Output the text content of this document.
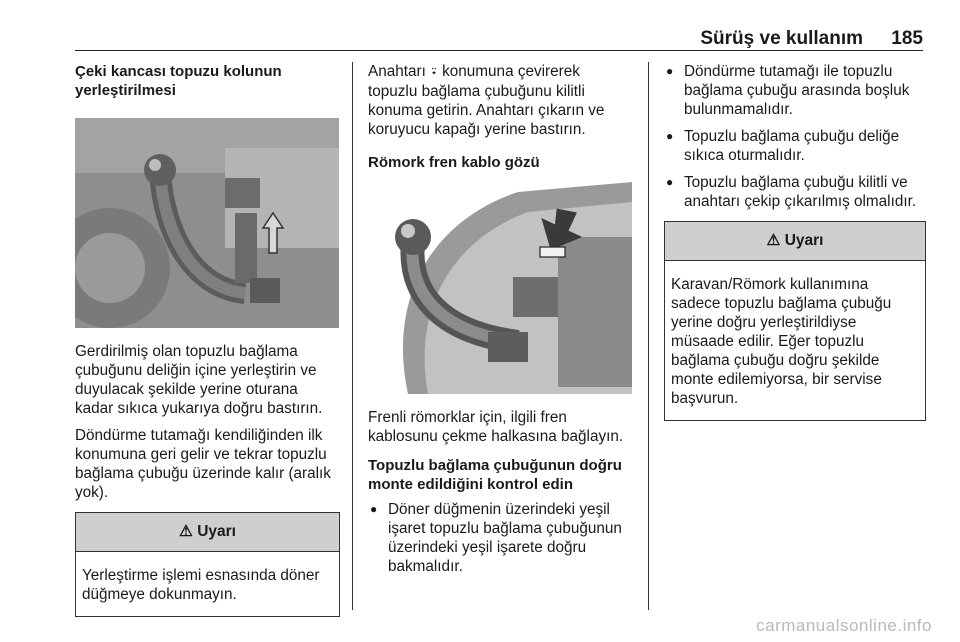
Sürüş ve kullanım 185
Çeki kancası topuzu kolunun yerleştirilmesi

Gerdirilmiş olan topuzlu bağlama çubuğunu deliğin içine yerleştirin ve duyulacak şekilde yerine oturana kadar sıkıca yukarıya doğru bastırın.

Döndürme tutamağı kendiliğinden ilk konumuna geri gelir ve tekrar topuzlu bağlama çubuğu üzerinde kalır (aralık yok).

⚠ Uyarı
Yerleştirme işlemi esnasında döner düğmeye dokunmayın.

Anahtarı ⍣ konumuna çevirerek topuzlu bağlama çubuğunu kilitli konuma getirin. Anahtarı çıkarın ve koruyucu kapağı yerine bastırın.

Römork fren kablo gözü

Frenli römorklar için, ilgili fren kablosunu çekme halkasına bağlayın.

Topuzlu bağlama çubuğunun doğru monte edildiğini kontrol edin
● Döner düğmenin üzerindeki yeşil işaret topuzlu bağlama çubuğunun üzerindeki yeşil işarete doğru bakmalıdır.
● Döndürme tutamağı ile topuzlu bağlama çubuğu arasında boşluk bulunmamalıdır.
● Topuzlu bağlama çubuğu deliğe sıkıca oturmalıdır.
● Topuzlu bağlama çubuğu kilitli ve anahtarı çekip çıkarılmış olmalıdır.
⚠ Uyarı
Karavan/Römork kullanımına sadece topuzlu bağlama çubuğu yerine doğru yerleştirildiyse müsaade edilir. Eğer topuzlu bağlama çubuğu doğru şekilde monte edilemiyorsa, bir servise başvurun.
carmanualsonline.info
